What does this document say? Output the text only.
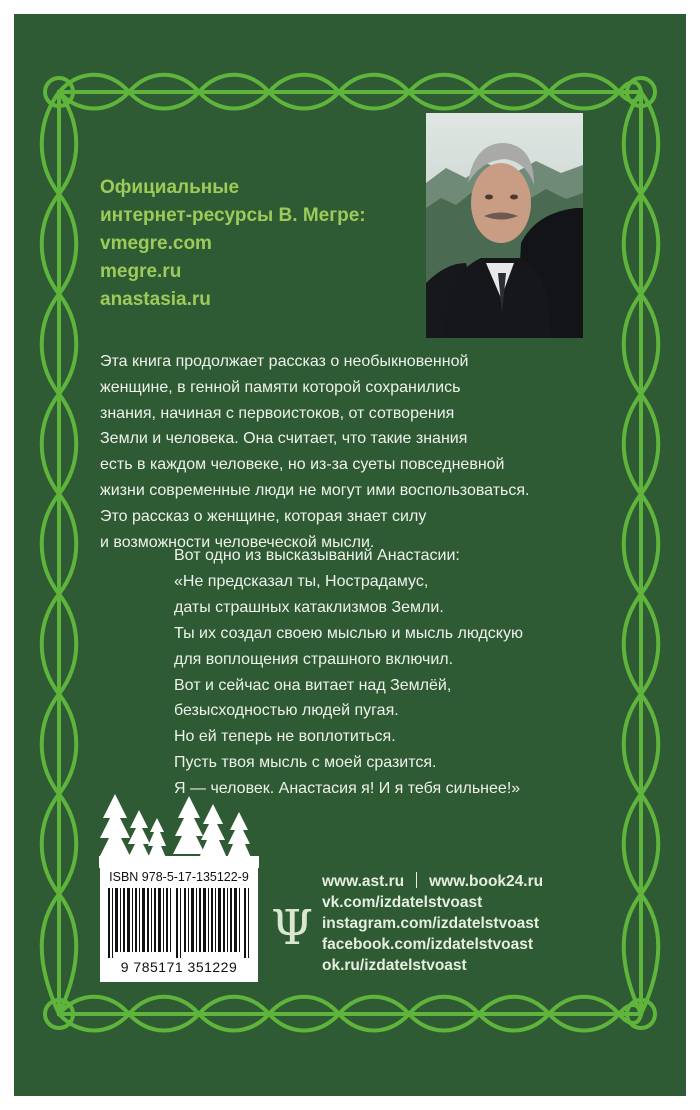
Официальные
интернет-ресурсы В. Мегре:
vmegre.com
megre.ru
anastasia.ru
Эта книга продолжает рассказ о необыкновенной
женщине, в генной памяти которой сохранились
знания, начиная с первоистоков, от сотворения
Земли и человека. Она считает, что такие знания
есть в каждом человеке, но из-за суеты повседневной
жизни современные люди не могут ими воспользоваться.
Это рассказ о женщине, которая знает силу
и возможности человеческой мысли.
Вот одно из высказываний Анастасии:
«Не предсказал ты, Нострадамус,
даты страшных катаклизмов Земли.
Ты их создал своею мыслью и мысль людскую
для воплощения страшного включил.
Вот и сейчас она витает над Землёй,
безысходностью людей пугая.
Но ей теперь не воплотиться.
Пусть твоя мысль с моей сразится.
Я — человек. Анастасия я! И я тебя сильнее!»
ISBN 978-5-17-135122-9
9 785171 351229
Ψ
www.ast.ru www.book24.ru
vk.com/izdatelstvoast
instagram.com/izdatelstvoast
facebook.com/izdatelstvoast
ok.ru/izdatelstvoast
